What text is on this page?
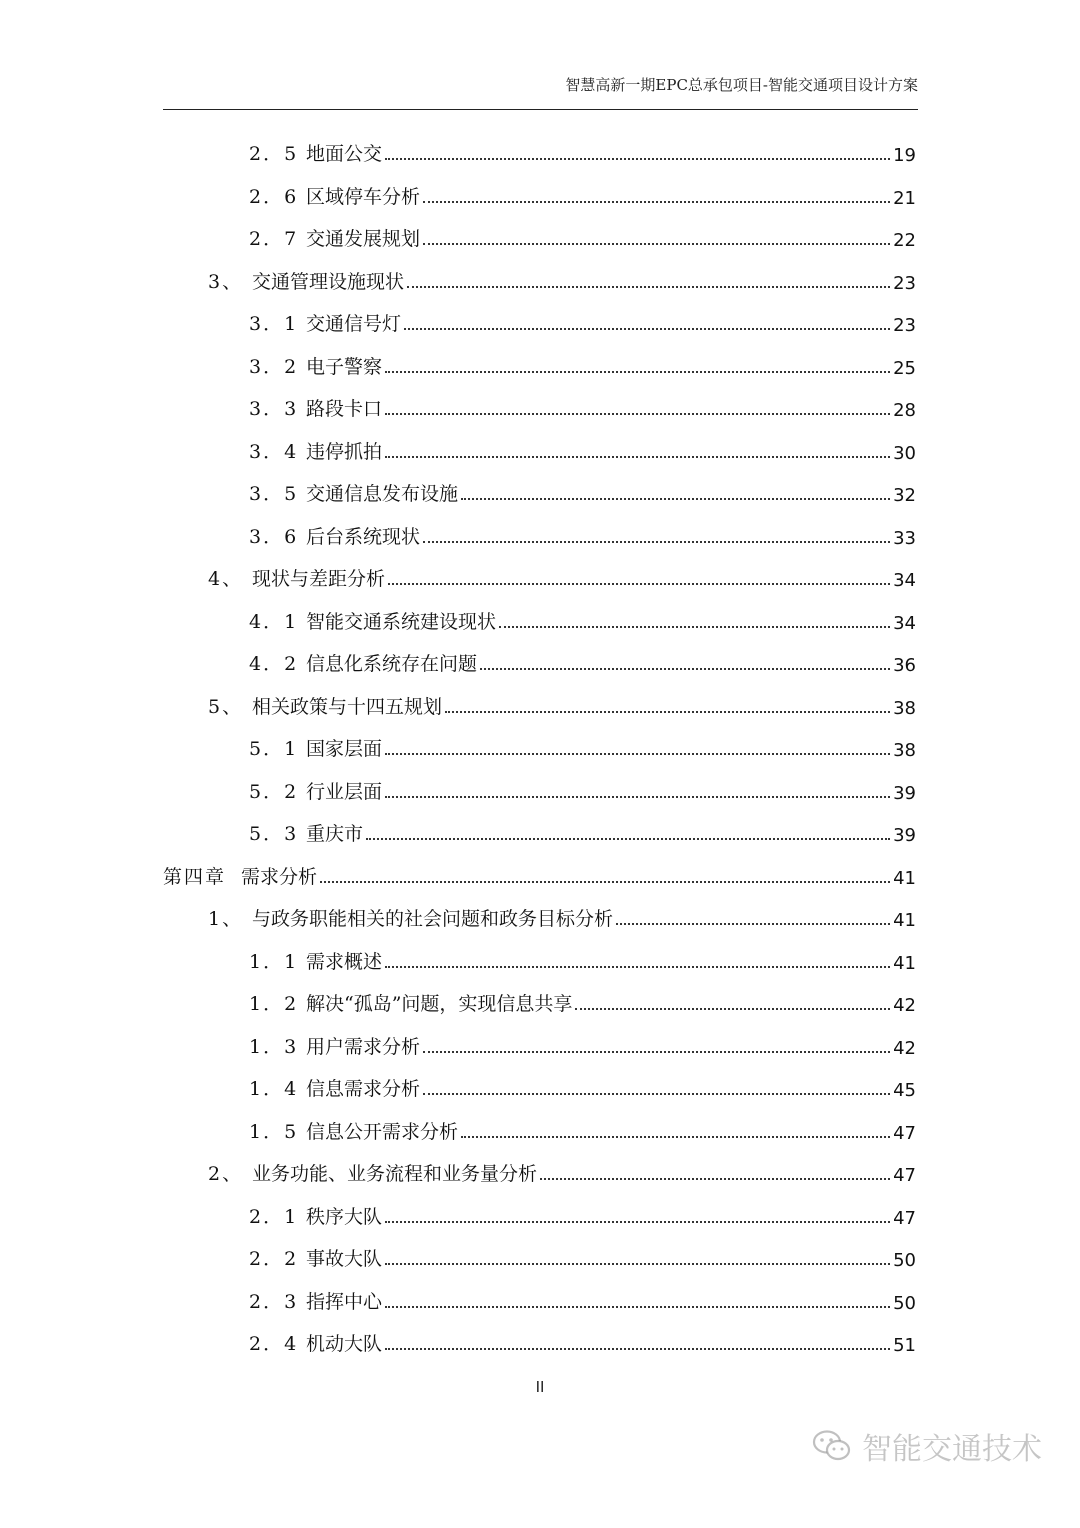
智慧高新一期EPC总承包项目-智能交通项目设计方案
2．5 地面公交	19
2．6 区域停车分析	21
2．7 交通发展规划	22
3、 交通管理设施现状	23
3．1 交通信号灯	23
3．2 电子警察	25
3．3 路段卡口	28
3．4 违停抓拍	30
3．5 交通信息发布设施	32
3．6 后台系统现状	33
4、 现状与差距分析	34
4．1 智能交通系统建设现状	34
4．2 信息化系统存在问题	36
5、 相关政策与十四五规划	38
5．1 国家层面	38
5．2 行业层面	39
5．3 重庆市	39
第四章 需求分析	41
1、 与政务职能相关的社会问题和政务目标分析	41
1．1 需求概述	41
1．2 解决“孤岛”问题，实现信息共享	42
1．3 用户需求分析	42
1．4 信息需求分析	45
1．5 信息公开需求分析	47
2、 业务功能、业务流程和业务量分析	47
2．1 秩序大队	47
2．2 事故大队	50
2．3 指挥中心	50
2．4 机动大队	51
II
智能交通技术
